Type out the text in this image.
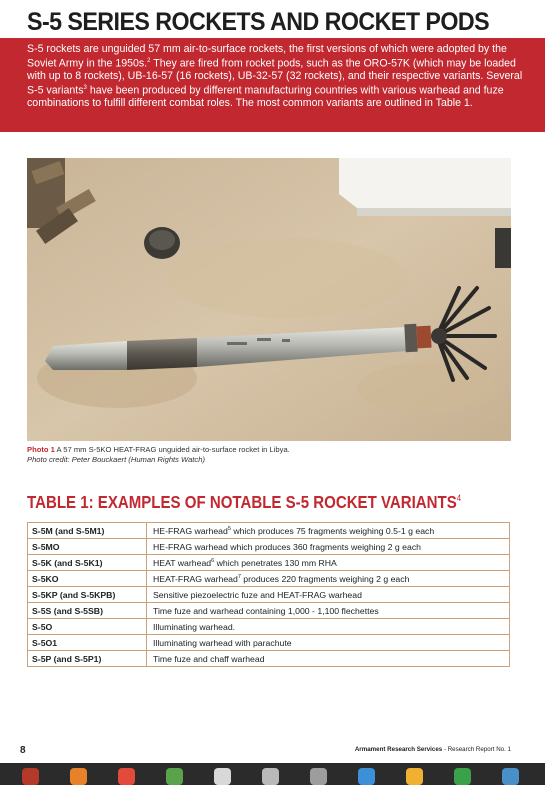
S-5 SERIES ROCKETS AND ROCKET PODS
S-5 rockets are unguided 57 mm air-to-surface rockets, the first versions of which were adopted by the Soviet Army in the 1950s.$^2$ They are fired from rocket pods, such as the ORO-57K (which may be loaded with up to 8 rockets), UB-16-57 (16 rockets), UB-32-57 (32 rockets), and their respective variants. Several S-5 variants$^3$ have been produced by different manufacturing countries with various warhead and fuze combinations to fulfill different combat roles. The most common variants are outlined in Table 1.
Photo 1 A 57 mm S-5KO HEAT-FRAG unguided air-to-surface rocket in Libya.
Photo credit: Peter Bouckaert (Human Rights Watch)
TABLE 1: EXAMPLES OF NOTABLE S-5 ROCKET VARIANTS$^4$
S-5M (and S-5M1)	HE-FRAG warhead$^5$ which produces 75 fragments weighing 0.5-1 g each
S-5MO	HE-FRAG warhead which produces 360 fragments weighing 2 g each
S-5K (and S-5K1)	HEAT warhead$^6$ which penetrates 130 mm RHA
S-5KO	HEAT-FRAG warhead$^7$ produces 220 fragments weighing 2 g each
S-5KP (and S-5KPB)	Sensitive piezoelectric fuze and HEAT-FRAG warhead
S-5S (and S-5SB)	Time fuze and warhead containing 1,000 - 1,100 flechettes
S-5O	Illuminating warhead.
S-5O1	Illuminating warhead with parachute
S-5P (and S-5P1)	Time fuze and chaff warhead
8	Armament Research Services - Research Report No. 1
